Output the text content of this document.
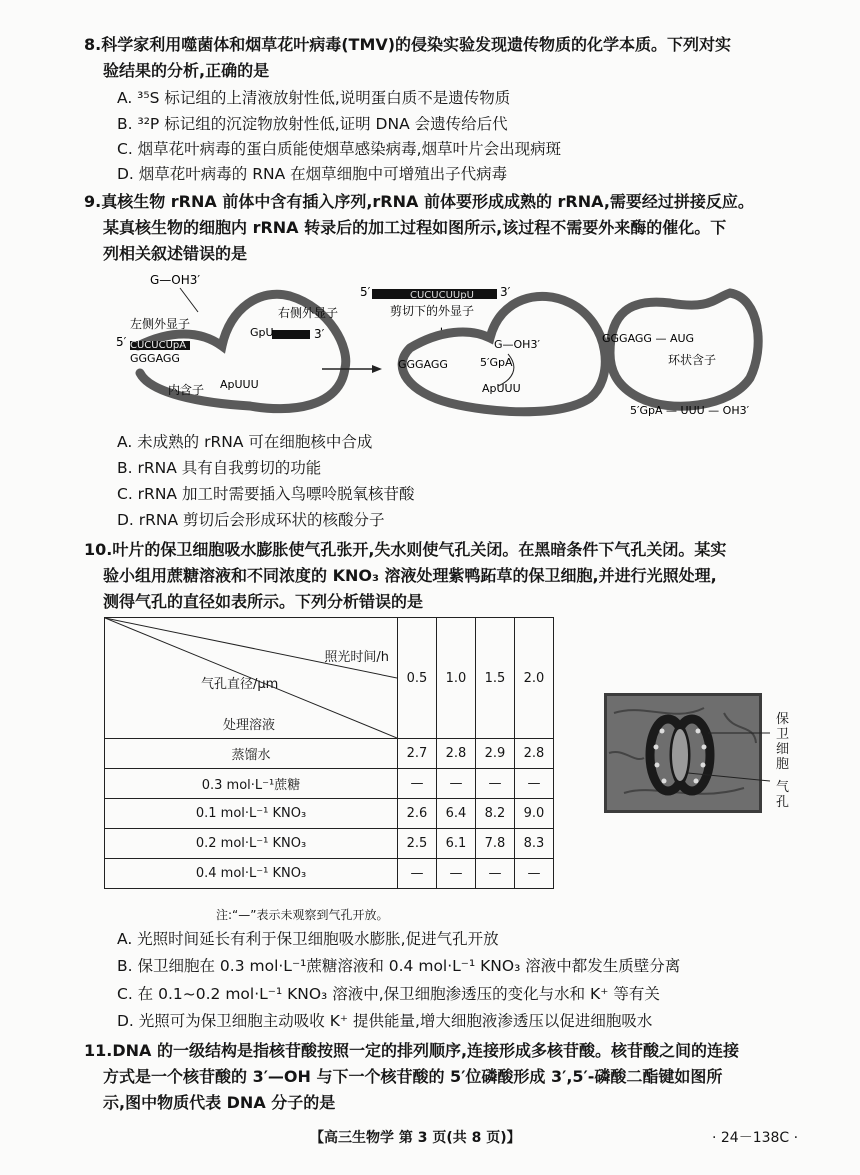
8.科学家利用噬菌体和烟草花叶病毒(TMV)的侵染实验发现遗传物质的化学本质。下列对实
验结果的分析,正确的是
A. ³⁵S 标记组的上清液放射性低,说明蛋白质不是遗传物质
B. ³²P 标记组的沉淀物放射性低,证明 DNA 会遗传给后代
C. 烟草花叶病毒的蛋白质能使烟草感染病毒,烟草叶片会出现病斑
D. 烟草花叶病毒的 RNA 在烟草细胞中可增殖出子代病毒
9.真核生物 rRNA 前体中含有插入序列,rRNA 前体要形成成熟的 rRNA,需要经过拼接反应。
某真核生物的细胞内 rRNA 转录后的加工过程如图所示,该过程不需要外来酶的催化。下
列相关叙述错误的是
G—OH3′
左侧外显子
右侧外显子
5′
3′
CUCUCUpA
GGGAGG
内含子 ApUUU
GpU
5′	CUCUCUUpU 3′
剪切下的外显子
+
GGGAGG
G—OH3′
5′GpA
ApUUU
GGGAGG — AUG
环状含子
5′GpA — UUU — OH3′
A. 未成熟的 rRNA 可在细胞核中合成
B. rRNA 具有自我剪切的功能
C. rRNA 加工时需要插入鸟嘌呤脱氧核苷酸
D. rRNA 剪切后会形成环状的核酸分子
10.叶片的保卫细胞吸水膨胀使气孔张开,失水则使气孔关闭。在黑暗条件下气孔关闭。某实
验小组用蔗糖溶液和不同浓度的 KNO₃ 溶液处理紫鸭跖草的保卫细胞,并进行光照处理,
测得气孔的直径如表所示。下列分析错误的是
照光时间/h
气孔直径/μm
处理溶液	0.5	1.0	1.5	2.0
蒸馏水	2.7	2.8	2.9	2.8
0.3 mol·L⁻¹蔗糖	—	—	—	—
0.1 mol·L⁻¹ KNO₃	2.6	6.4	8.2	9.0
0.2 mol·L⁻¹ KNO₃	2.5	6.1	7.8	8.3
0.4 mol·L⁻¹ KNO₃	—	—	—	—
注:“—”表示未观察到气孔开放。
保卫细胞
气孔
A. 光照时间延长有利于保卫细胞吸水膨胀,促进气孔开放
B. 保卫细胞在 0.3 mol·L⁻¹蔗糖溶液和 0.4 mol·L⁻¹ KNO₃ 溶液中都发生质壁分离
C. 在 0.1~0.2 mol·L⁻¹ KNO₃ 溶液中,保卫细胞渗透压的变化与水和 K⁺ 等有关
D. 光照可为保卫细胞主动吸收 K⁺ 提供能量,增大细胞液渗透压以促进细胞吸水
11.DNA 的一级结构是指核苷酸按照一定的排列顺序,连接形成多核苷酸。核苷酸之间的连接
方式是一个核苷酸的 3′—OH 与下一个核苷酸的 5′位磷酸形成 3′,5′-磷酸二酯键如图所
示,图中物质代表 DNA 分子的是
【高三生物学 第 3 页(共 8 页)】	· 24－138C ·
